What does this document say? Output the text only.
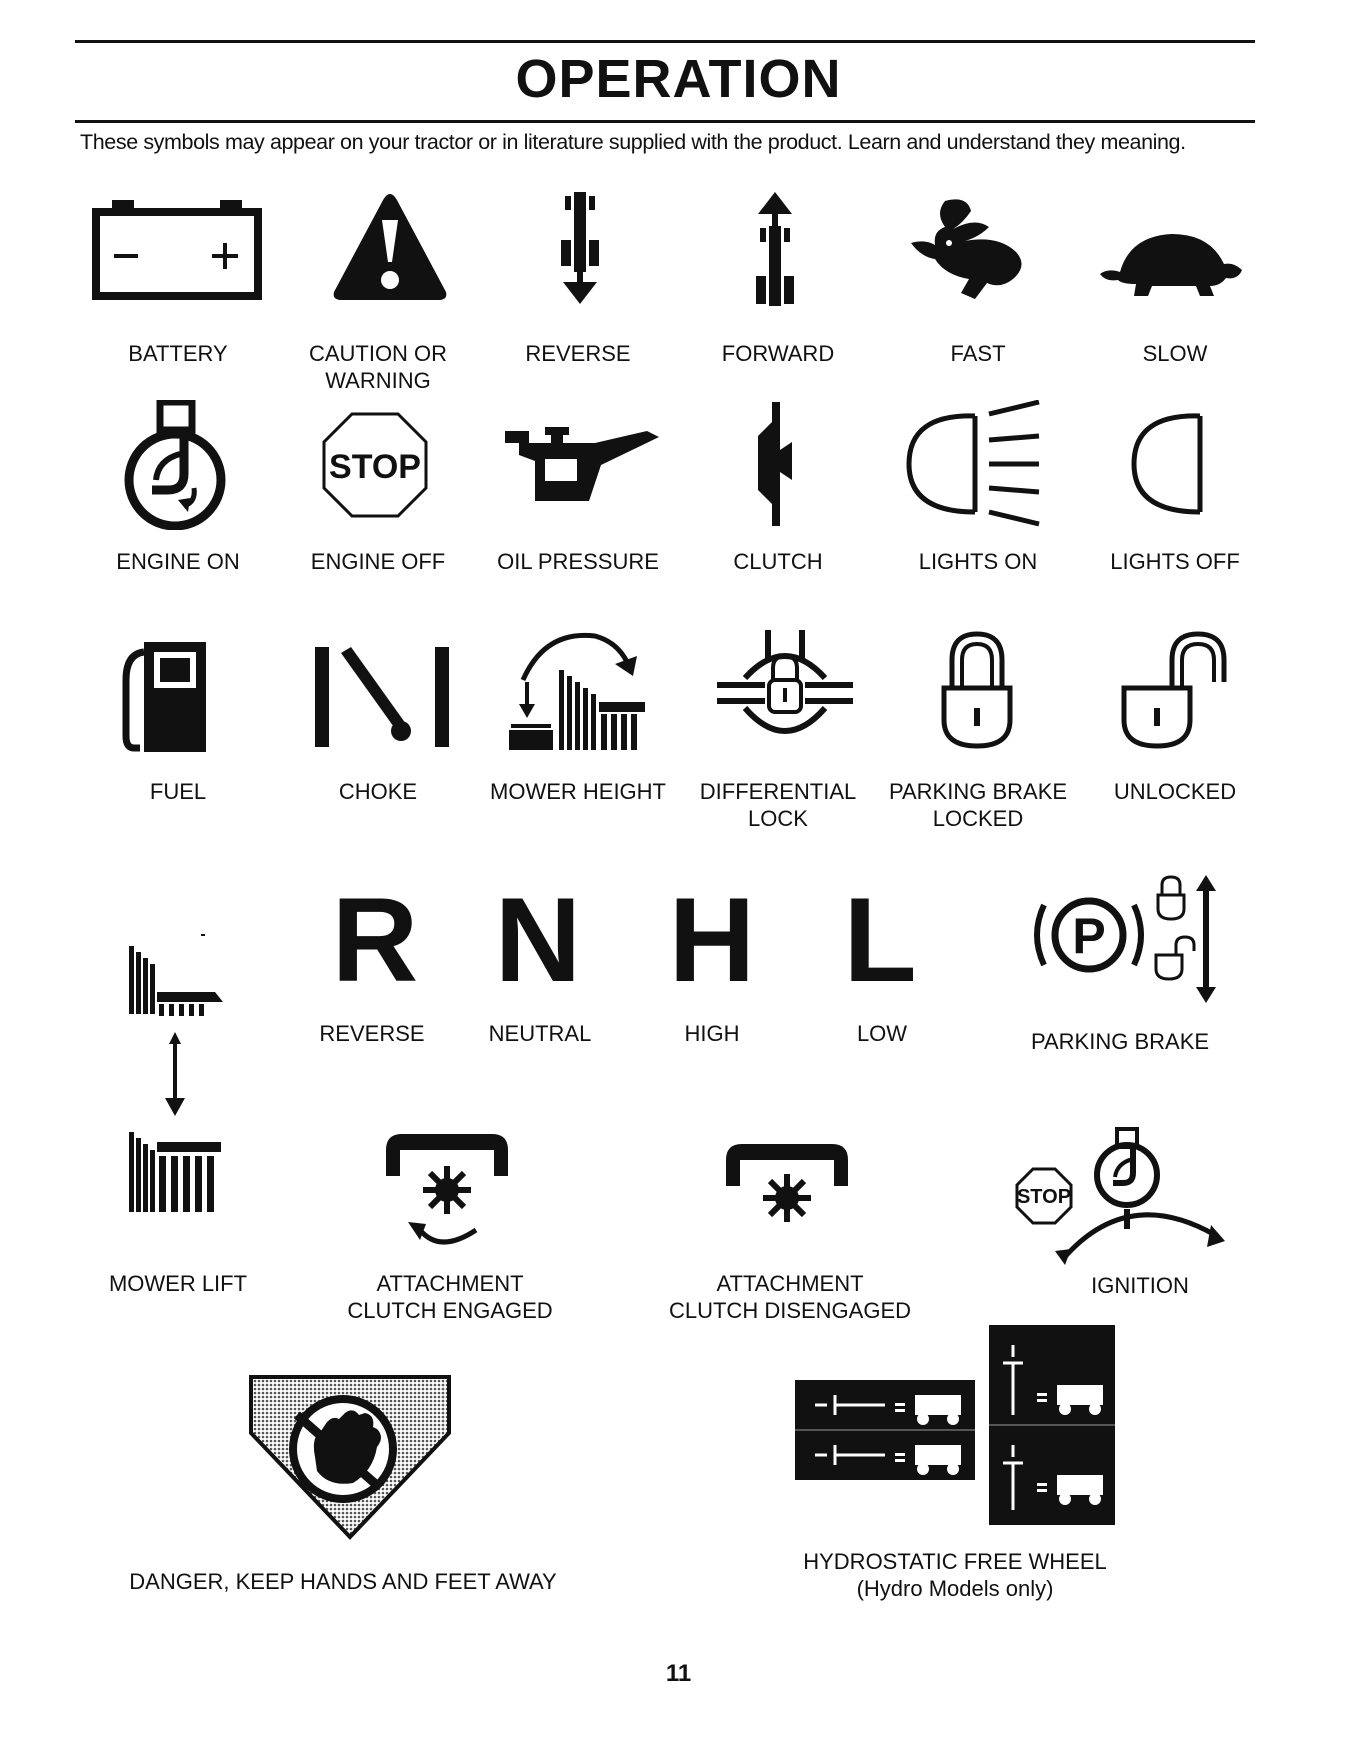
OPERATION
These symbols may appear on your tractor or in literature supplied with the product. Learn and understand they meaning.
BATTERY	CAUTION OR
WARNING
REVERSE	FORWARD	FAST	SLOW
ENGINE ON
STOP
ENGINE OFF OIL PRESSURE	CLUTCH	LIGHTS ON	LIGHTS OFF
FUEL	CHOKE	MOWER HEIGHT DIFFERENTIAL
LOCK
PARKING BRAKE
LOCKED
UNLOCKED
MOWER LIFT
R N H L
REVERSE	NEUTRAL	HIGH	LOW
P
PARKING BRAKE
ATTACHMENT
CLUTCH ENGAGED
ATTACHMENT
CLUTCH DISENGAGED
STOP
IGNITION
DANGER, KEEP HANDS AND FEET AWAY
HYDROSTATIC FREE WHEEL
(Hydro Models only)
11
